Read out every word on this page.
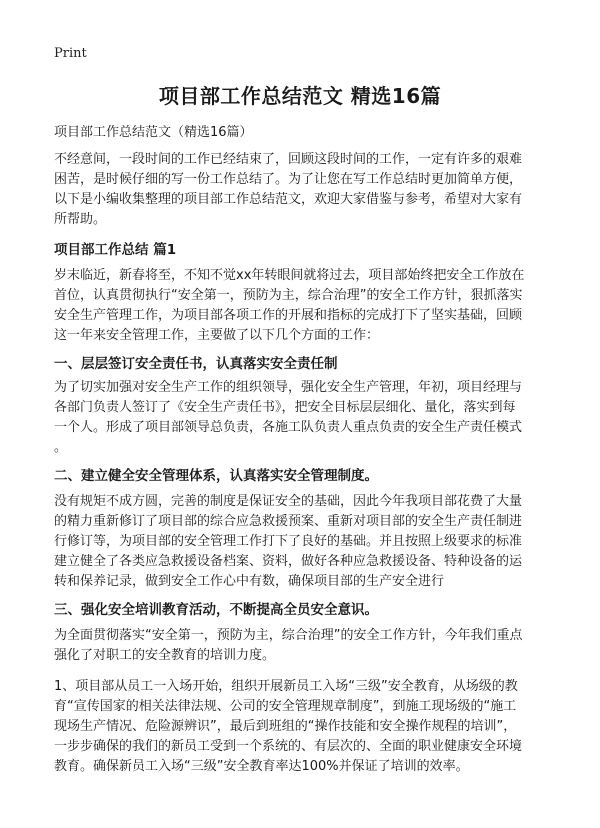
Print
项目部工作总结范文 精选16篇
项目部工作总结范文（精选16篇）
不经意间，一段时间的工作已经结束了，回顾这段时间的工作，一定有许多的艰难
困苦，是时候仔细的写一份工作总结了。为了让您在写工作总结时更加简单方便，
以下是小编收集整理的项目部工作总结范文，欢迎大家借鉴与参考，希望对大家有
所帮助。
项目部工作总结 篇1
岁末临近，新春将至，不知不觉xx年转眼间就将过去，项目部始终把安全工作放在
首位，认真贯彻执行“安全第一，预防为主，综合治理”的安全工作方针，狠抓落实
安全生产管理工作，为项目部各项工作的开展和指标的完成打下了坚实基础，回顾
这一年来安全管理工作，主要做了以下几个方面的工作：
一、层层签订安全责任书，认真落实安全责任制
为了切实加强对安全生产工作的组织领导，强化安全生产管理，年初，项目经理与
各部门负责人签订了《安全生产责任书》，把安全目标层层细化、量化，落实到每
一个人。形成了项目部领导总负责，各施工队负责人重点负责的安全生产责任模式
。
二、建立健全安全管理体系，认真落实安全管理制度。
没有规矩不成方圆，完善的制度是保证安全的基础，因此今年我项目部花费了大量
的精力重新修订了项目部的综合应急救援预案、重新对项目部的安全生产责任制进
行修订等，为项目部的安全管理工作打下了良好的基础。并且按照上级要求的标准
建立健全了各类应急救援设备档案、资料，做好各种应急救援设备、特种设备的运
转和保养记录，做到安全工作心中有数，确保项目部的生产安全进行
三、强化安全培训教育活动，不断提高全员安全意识。
为全面贯彻落实“安全第一，预防为主，综合治理”的安全工作方针，今年我们重点
强化了对职工的安全教育的培训力度。
1、项目部从员工一入场开始，组织开展新员工入场“三级”安全教育，从场级的教
育“宣传国家的相关法律法规、公司的安全管理规章制度”，到施工现场级的“施工
现场生产情况、危险源辨识”，最后到班组的“操作技能和安全操作规程的培训”，
一步步确保的我们的新员工受到一个系统的、有层次的、全面的职业健康安全环境
教育。确保新员工入场“三级”安全教育率达100%并保证了培训的效率。
